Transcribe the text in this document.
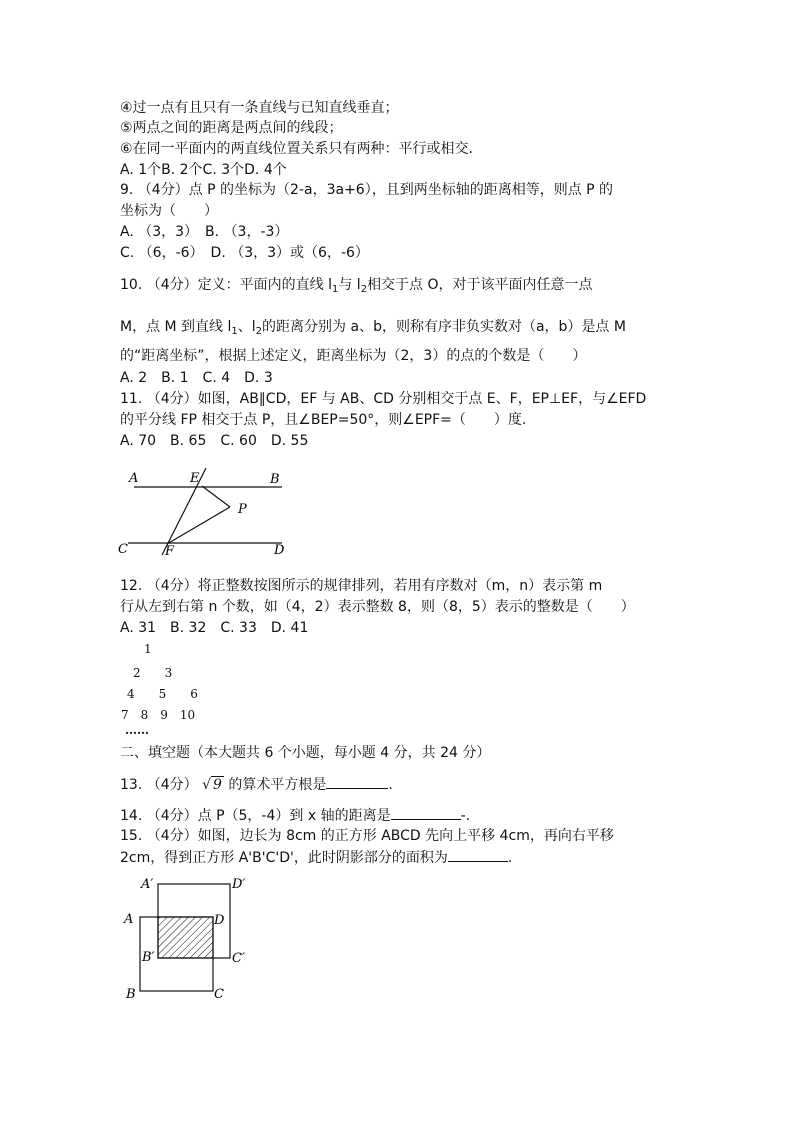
④过一点有且只有一条直线与已知直线垂直；
⑤两点之间的距离是两点间的线段；
⑥在同一平面内的两直线位置关系只有两种：平行或相交.
A. 1个B. 2个C. 3个D. 4个
9. （4分）点 P 的坐标为（2-a，3a+6），且到两坐标轴的距离相等，则点 P 的
坐标为（　　）
A. （3，3）　B. （3，-3）
C. （6，-6）　D. （3，3）或（6，-6）
10. （4分）定义：平面内的直线 $l_1$与 $l_2$相交于点 O，对于该平面内任意一点
M，点 M 到直线 $l_1$、$l_2$的距离分别为 a、b，则称有序非负实数对（a，b）是点 M
的“距离坐标”，根据上述定义，距离坐标为（2，3）的点的个数是（　　）
A. 2　B. 1　C. 4　D. 3
11. （4分）如图，AB∥CD，EF 与 AB、CD 分别相交于点 E、F，EP⊥EF，与∠EFD
的平分线 FP 相交于点 P，且∠BEP=50°，则∠EPF=（　　）度.
A. 70　B. 65　C. 60　D. 55
A	E	B
P
C	F	D
12. （4分）将正整数按图所示的规律排列，若用有序数对（m，n）表示第 m
行从左到右第 n 个数，如（4，2）表示整数 8，则（8，5）表示的整数是（　　）
A. 31　B. 32　C. 33　D. 41
1
2　　3
4　　5　　6
7　8　9　10
……
二、填空题（本大题共 6 个小题，每小题 4 分，共 24 分）
13. （4分） √ 9 的算术平方根是	.
14. （4分）点 P（5，-4）到 x 轴的距离是	-.
15. （4分）如图，边长为 8cm 的正方形 ABCD 先向上平移 4cm，再向右平移
2cm，得到正方形 A'B'C'D'，此时阴影部分的面积为	.
A′	D′
A	D
B′	C′
B	C
